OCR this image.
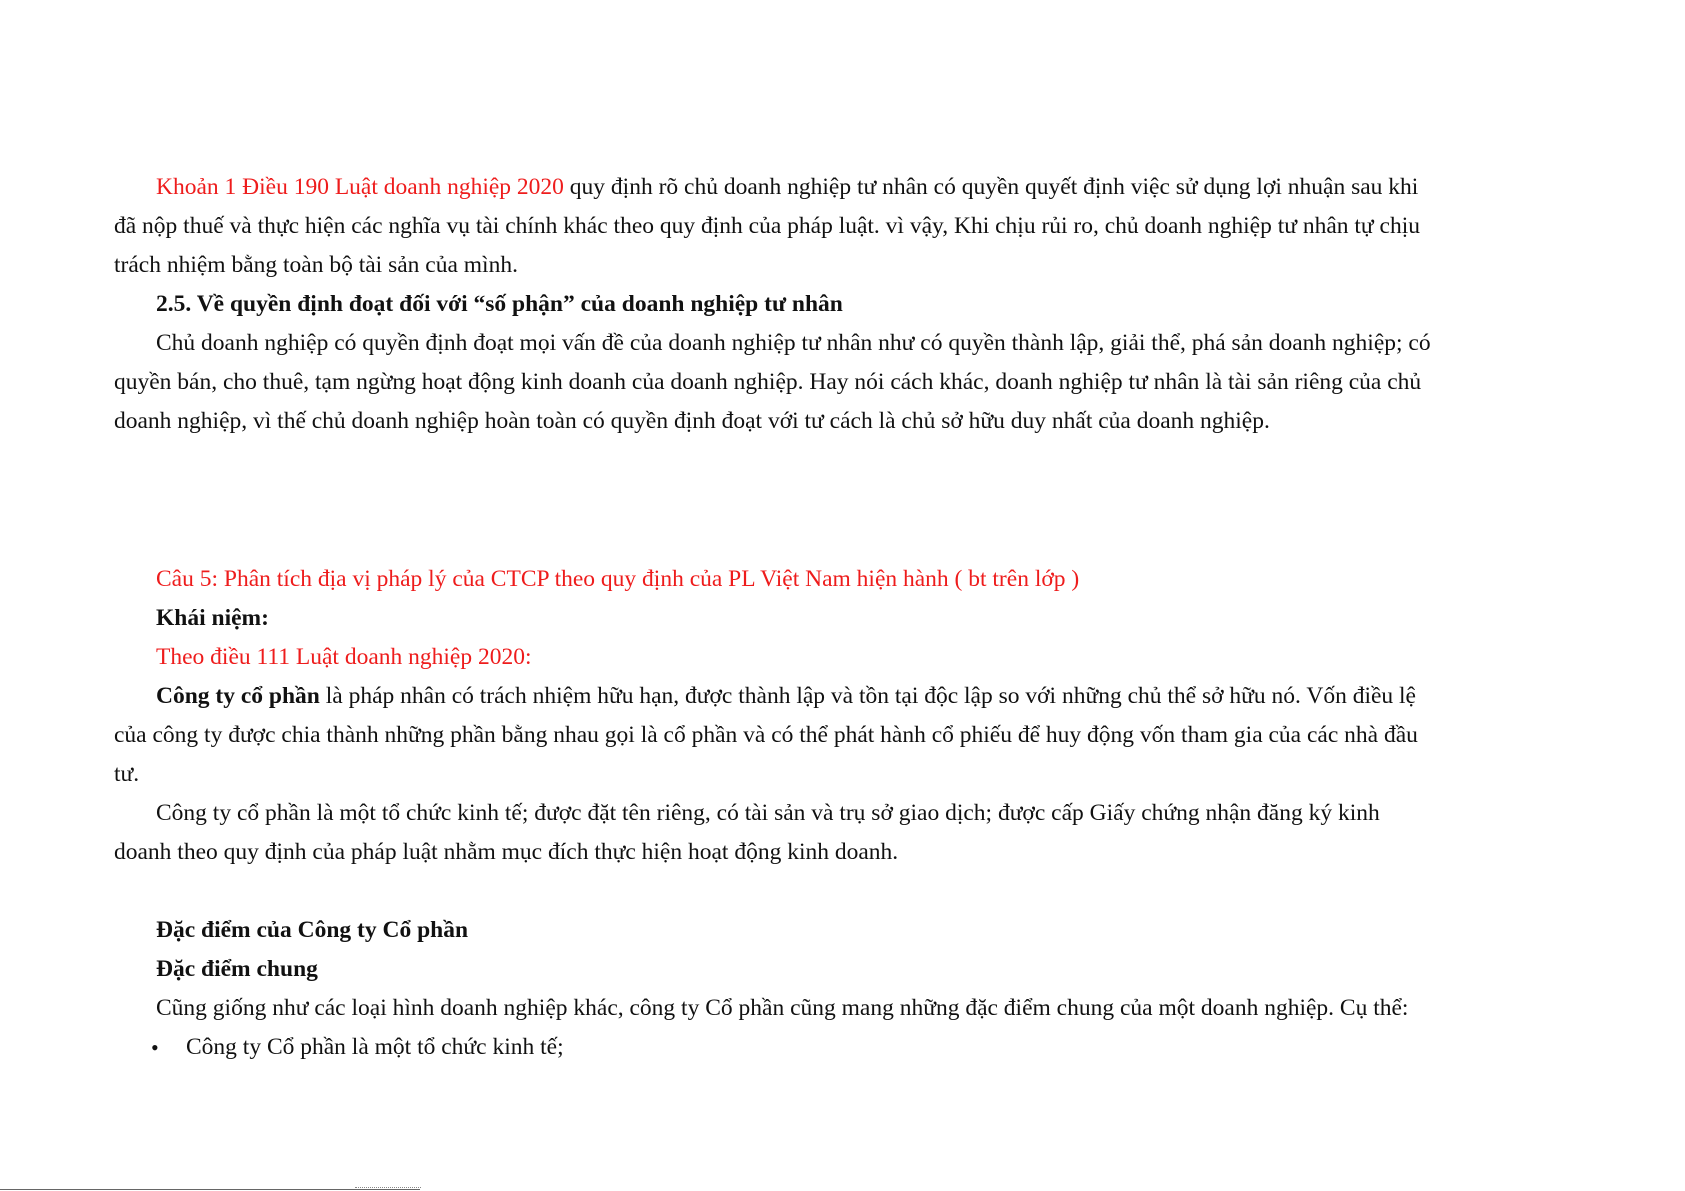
Khoản 1 Điều 190 Luật doanh nghiệp 2020 quy định rõ chủ doanh nghiệp tư nhân có quyền quyết định việc sử dụng lợi nhuận sau khi
đã nộp thuế và thực hiện các nghĩa vụ tài chính khác theo quy định của pháp luật. vì vậy, Khi chịu rủi ro, chủ doanh nghiệp tư nhân tự chịu
trách nhiệm bằng toàn bộ tài sản của mình.
2.5. Về quyền định đoạt đối với “số phận” của doanh nghiệp tư nhân
Chủ doanh nghiệp có quyền định đoạt mọi vấn đề của doanh nghiệp tư nhân như có quyền thành lập, giải thể, phá sản doanh nghiệp; có
quyền bán, cho thuê, tạm ngừng hoạt động kinh doanh của doanh nghiệp. Hay nói cách khác, doanh nghiệp tư nhân là tài sản riêng của chủ
doanh nghiệp, vì thế chủ doanh nghiệp hoàn toàn có quyền định đoạt với tư cách là chủ sở hữu duy nhất của doanh nghiệp.
Câu 5: Phân tích địa vị pháp lý của CTCP theo quy định của PL Việt Nam hiện hành ( bt trên lớp )
Khái niệm:
Theo điều 111 Luật doanh nghiệp 2020:
Công ty cổ phần là pháp nhân có trách nhiệm hữu hạn, được thành lập và tồn tại độc lập so với những chủ thể sở hữu nó. Vốn điều lệ
của công ty được chia thành những phần bằng nhau gọi là cổ phần và có thể phát hành cổ phiếu để huy động vốn tham gia của các nhà đầu
tư.
Công ty cổ phần là một tổ chức kinh tế; được đặt tên riêng, có tài sản và trụ sở giao dịch; được cấp Giấy chứng nhận đăng ký kinh
doanh theo quy định của pháp luật nhằm mục đích thực hiện hoạt động kinh doanh.
Đặc điểm của Công ty Cổ phần
Đặc điểm chung
Cũng giống như các loại hình doanh nghiệp khác, công ty Cổ phần cũng mang những đặc điểm chung của một doanh nghiệp. Cụ thể:
• Công ty Cổ phần là một tổ chức kinh tế;
